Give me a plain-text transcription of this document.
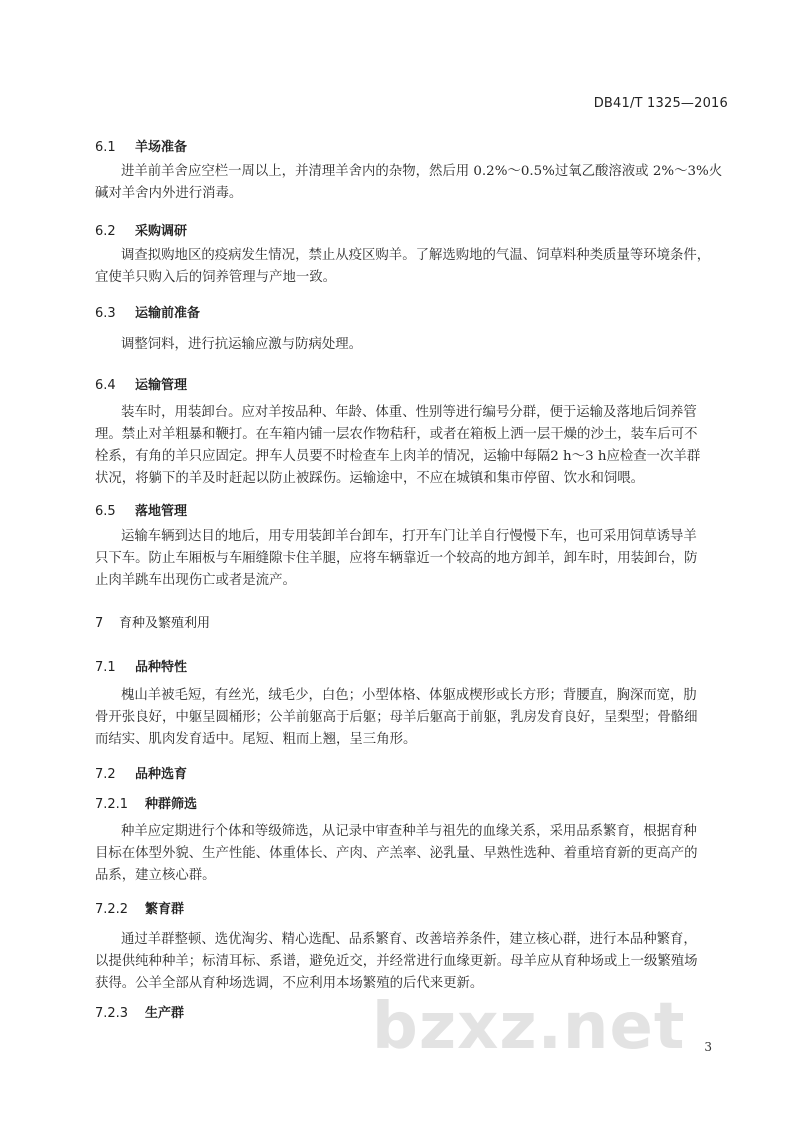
DB41/T 1325—2016
6.1 羊场准备
进羊前羊舍应空栏一周以上，并清理羊舍内的杂物，然后用 0.2%～0.5%过氧乙酸溶液或 2%～3%火
碱对羊舍内外进行消毒。
6.2 采购调研
调查拟购地区的疫病发生情况，禁止从疫区购羊。了解选购地的气温、饲草料种类质量等环境条件，
宜使羊只购入后的饲养管理与产地一致。
6.3 运输前准备
调整饲料，进行抗运输应激与防病处理。
6.4 运输管理
装车时，用装卸台。应对羊按品种、年龄、体重、性别等进行编号分群，便于运输及落地后饲养管
理。禁止对羊粗暴和鞭打。在车箱内铺一层农作物秸秆，或者在箱板上洒一层干燥的沙土，装车后可不
栓系，有角的羊只应固定。押车人员要不时检查车上肉羊的情况，运输中每隔2 h～3 h应检查一次羊群
状况，将躺下的羊及时赶起以防止被踩伤。运输途中，不应在城镇和集市停留、饮水和饲喂。
6.5 落地管理
运输车辆到达目的地后，用专用装卸羊台卸车，打开车门让羊自行慢慢下车，也可采用饲草诱导羊
只下车。防止车厢板与车厢缝隙卡住羊腿，应将车辆靠近一个较高的地方卸羊，卸车时，用装卸台，防
止肉羊跳车出现伤亡或者是流产。
7 育种及繁殖利用
7.1 品种特性
槐山羊被毛短，有丝光，绒毛少，白色；小型体格、体躯成楔形或长方形；背腰直，胸深而宽，肋
骨开张良好，中躯呈圆桶形；公羊前躯高于后躯；母羊后躯高于前躯，乳房发育良好，呈梨型；骨骼细
而结实、肌肉发育适中。尾短、粗而上翘，呈三角形。
7.2 品种选育
7.2.1 种群筛选
种羊应定期进行个体和等级筛选，从记录中审查种羊与祖先的血缘关系，采用品系繁育，根据育种
目标在体型外貌、生产性能、体重体长、产肉、产羔率、泌乳量、早熟性选种、着重培育新的更高产的
品系，建立核心群。
7.2.2 繁育群
通过羊群整顿、选优淘劣、精心选配、品系繁育、改善培养条件，建立核心群，进行本品种繁育，
以提供纯种种羊；标清耳标、系谱，避免近交，并经常进行血缘更新。母羊应从育种场或上一级繁殖场
获得。公羊全部从育种场选调，不应利用本场繁殖的后代来更新。
7.2.3 生产群	bzxz.net 3
